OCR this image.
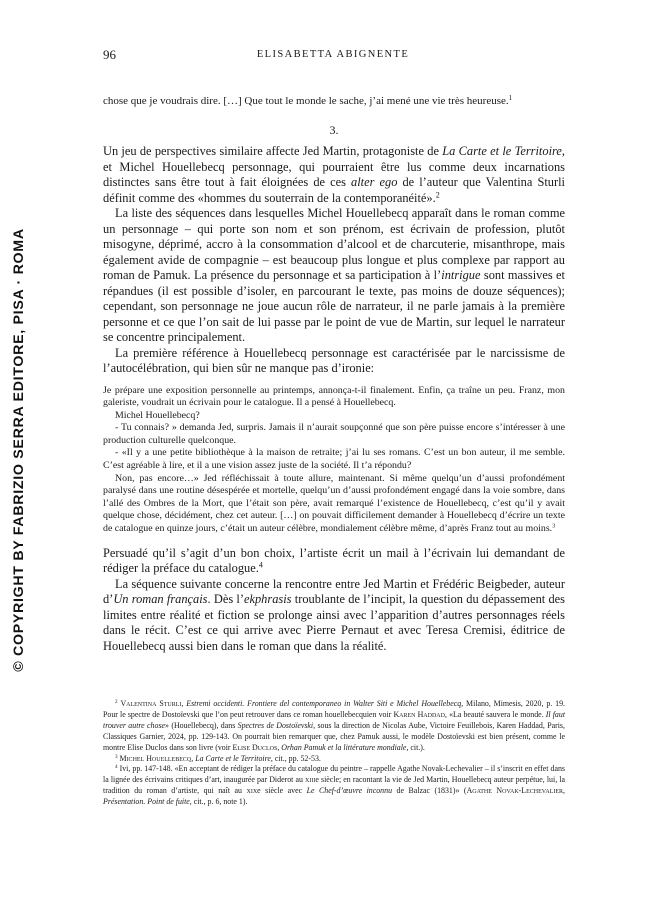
© COPYRIGHT BY FABRIZIO SERRA EDITORE, PISA · ROMA
96	ELISABETTA ABIGNENTE

chose que je voudrais dire. […] Que tout le monde le sache, j’ai mené une vie très heureuse.$^1$

3.

Un jeu de perspectives similaire affecte Jed Martin, protagoniste de La Carte et le Territoire, et Michel Houellebecq personnage, qui pourraient être lus comme deux incarnations distinctes sans être tout à fait éloignées de ces alter ego de l’auteur que Valentina Sturli définit comme des «hommes du souterrain de la contemporanéité».$^2$

La liste des séquences dans lesquelles Michel Houellebecq apparaît dans le roman comme un personnage – qui porte son nom et son prénom, est écrivain de profession, plutôt misogyne, déprimé, accro à la consommation d’alcool et de charcuterie, misanthrope, mais également avide de compagnie – est beaucoup plus longue et plus complexe par rapport au roman de Pamuk. La présence du personnage et sa participation à l’intrigue sont massives et répandues (il est possible d’isoler, en parcourant le texte, pas moins de douze séquences); cependant, son personnage ne joue aucun rôle de narrateur, il ne parle jamais à la première personne et ce que l’on sait de lui passe par le point de vue de Martin, sur lequel le narrateur se concentre principalement.

La première référence à Houellebecq personnage est caractérisée par le narcissisme de l’autocélébration, qui bien sûr ne manque pas d’ironie:

Je prépare une exposition personnelle au printemps, annonça-t-il finalement. Enfin, ça traîne un peu. Franz, mon galeriste, voudrait un écrivain pour le catalogue. Il a pensé à Houellebecq.

Michel Houellebecq?

- Tu connais? » demanda Jed, surpris. Jamais il n’aurait soupçonné que son père puisse encore s’intéresser à une production culturelle quelconque.

- «Il y a une petite bibliothèque à la maison de retraite; j’ai lu ses romans. C’est un bon auteur, il me semble. C’est agréable à lire, et il a une vision assez juste de la société. Il t’a répondu?

Non, pas encore…» Jed réfléchissait à toute allure, maintenant. Si même quelqu’un d’aussi profondément paralysé dans une routine désespérée et mortelle, quelqu’un d’aussi profondément engagé dans la voie sombre, dans l’allé des Ombres de la Mort, que l’était son père, avait remarqué l’existence de Houellebecq, c’est qu’il y avait quelque chose, décidément, chez cet auteur. […] on pouvait difficilement demander à Houellebecq d’écrire un texte de catalogue en quinze jours, c’était un auteur célèbre, mondialement célèbre même, d’après Franz tout au moins.$^3$

Persuadé qu’il s’agit d’un bon choix, l’artiste écrit un mail à l’écrivain lui demandant de rédiger la préface du catalogue.$^4$

La séquence suivante concerne la rencontre entre Jed Martin et Frédéric Beigbeder, auteur d’Un roman français. Dès l’ekphrasis troublante de l’incipit, la question du dépassement des limites entre réalité et fiction se prolonge ainsi avec l’apparition d’autres personnages réels dans le récit. C’est ce qui arrive avec Pierre Pernaut et avec Teresa Cremisi, éditrice de Houellebecq aussi bien dans le roman que dans la réalité.

$^2$ Valentina Sturli, Estremi occidenti. Frontiere del contemporaneo in Walter Siti e Michel Houellebecq, Milano, Mimesis, 2020, p. 19. Pour le spectre de Dostoïevski que l’on peut retrouver dans ce roman houellebecquien voir Karen Haddad, «La beauté sauvera le monde. Il faut trouver autre chose» (Houellebecq), dans Spectres de Dostoïevski, sous la direction de Nicolas Aube, Victoire Feuillebois, Karen Haddad, Paris, Classiques Garnier, 2024, pp. 129-143. On pourrait bien remarquer que, chez Pamuk aussi, le modèle Dostoïevski est bien présent, comme le montre Elise Duclos dans son livre (voir Elise Duclos, Orhan Pamuk et la littérature mondiale, cit.).

$^3$ Michel Houellebecq, La Carte et le Territoire, cit., pp. 52-53.

$^4$ Ivi, pp. 147-148. «En acceptant de rédiger la préface du catalogue du peintre – rappelle Agathe Novak-Lechevalier – il s’inscrit en effet dans la lignée des écrivains critiques d’art, inaugurée par Diderot au xiiie siècle; en racontant la vie de Jed Martin, Houellebecq auteur perpétue, lui, la tradition du roman d’artiste, qui naît au xixe siècle avec Le Chef-d’œuvre inconnu de Balzac (1831)» (Agathe Novak-Lechevalier, Présentation. Point de fuite, cit., p. 6, note 1).
